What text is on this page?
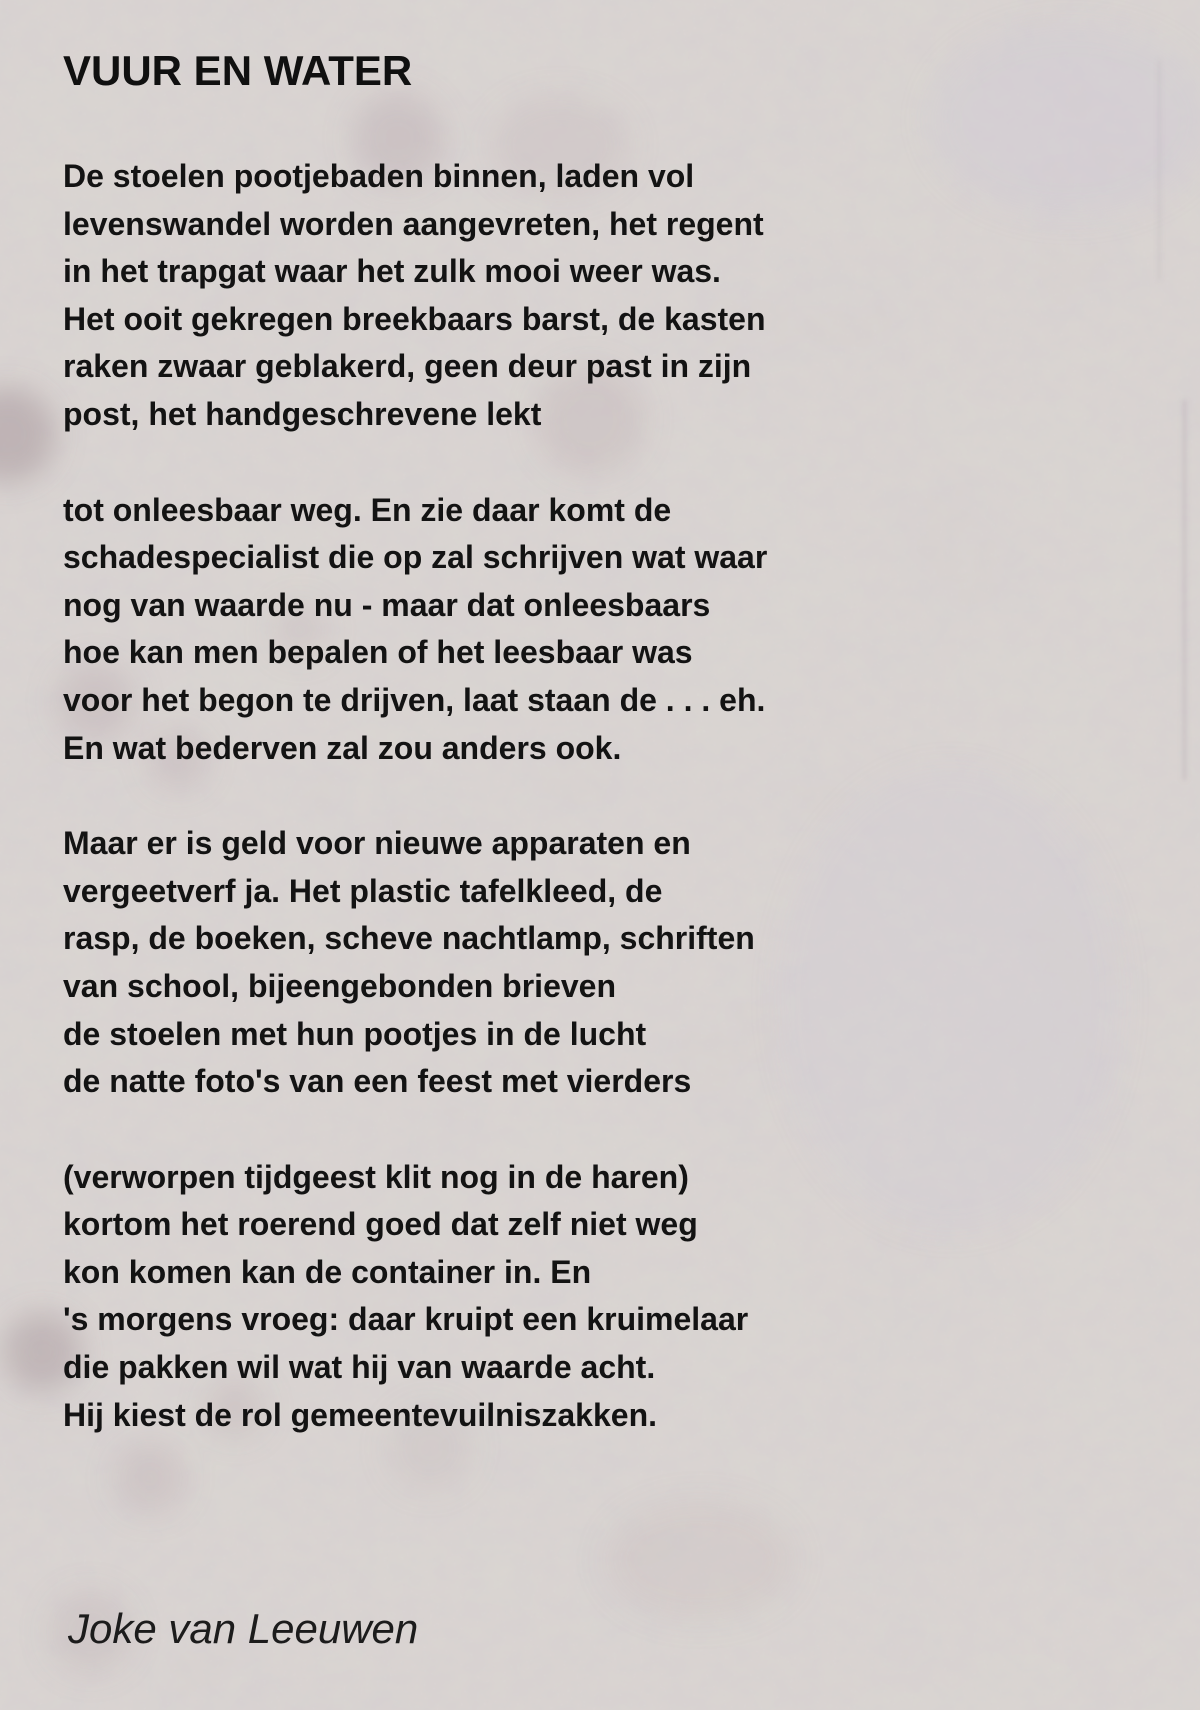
VUUR EN WATER
De stoelen pootjebaden binnen, laden vol
levenswandel worden aangevreten, het regent
in het trapgat waar het zulk mooi weer was.
Het ooit gekregen breekbaars barst, de kasten
raken zwaar geblakerd, geen deur past in zijn
post, het handgeschrevene lekt
tot onleesbaar weg. En zie daar komt de
schadespecialist die op zal schrijven wat waar
nog van waarde nu - maar dat onleesbaars
hoe kan men bepalen of het leesbaar was
voor het begon te drijven, laat staan de . . . eh.
En wat bederven zal zou anders ook.
Maar er is geld voor nieuwe apparaten en
vergeetverf ja. Het plastic tafelkleed, de
rasp, de boeken, scheve nachtlamp, schriften
van school, bijeengebonden brieven
de stoelen met hun pootjes in de lucht
de natte foto's van een feest met vierders
(verworpen tijdgeest klit nog in de haren)
kortom het roerend goed dat zelf niet weg
kon komen kan de container in. En
's morgens vroeg: daar kruipt een kruimelaar
die pakken wil wat hij van waarde acht.
Hij kiest de rol gemeentevuilniszakken.
Joke van Leeuwen
